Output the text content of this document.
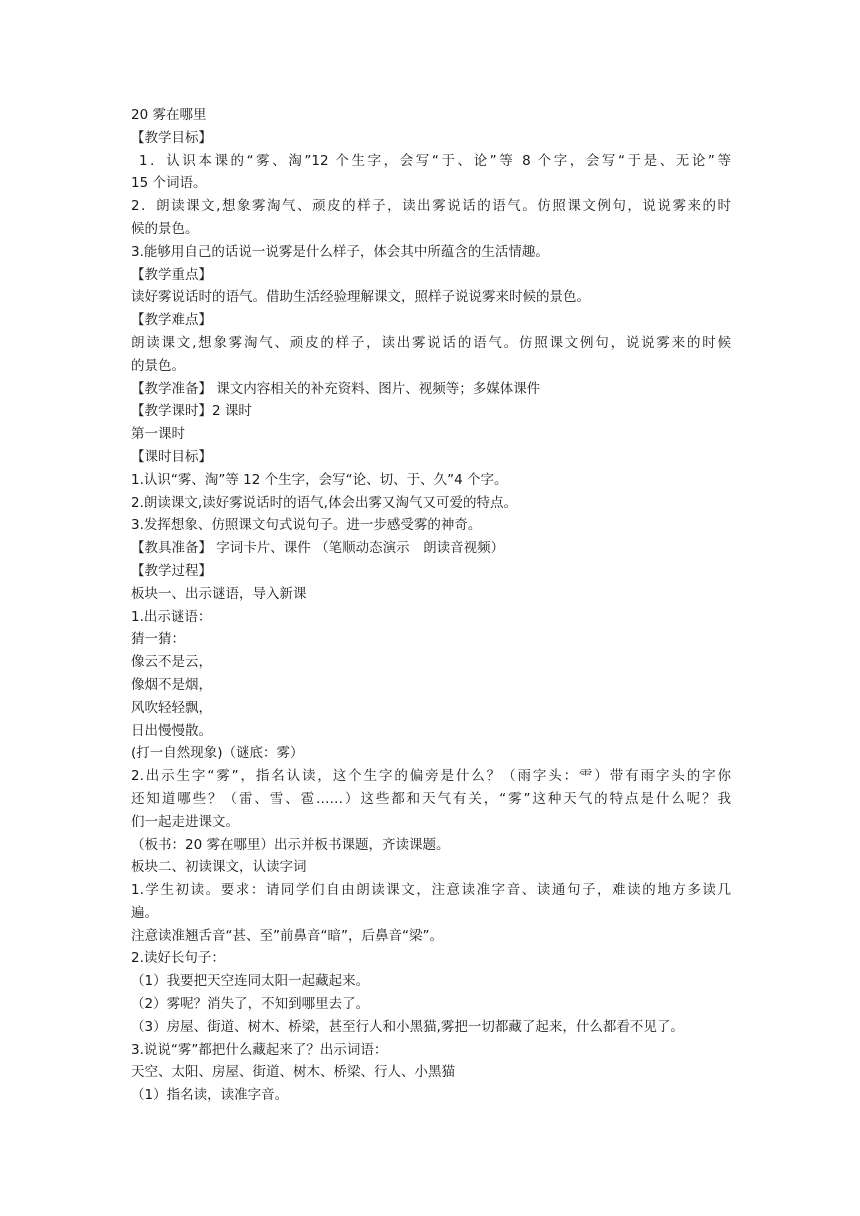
20 雾在哪里
【教学目标】
1．认识本课的“雾、淘”12 个生字，会写“于、论”等 8 个字，会写“于是、无论”等
15 个词语。
2．朗读课文,想象雾淘气、顽皮的样子，读出雾说话的语气。仿照课文例句，说说雾来的时
候的景色。
3.能够用自己的话说一说雾是什么样子，体会其中所蕴含的生活情趣。
【教学重点】
读好雾说话时的语气。借助生活经验理解课文，照样子说说雾来时候的景色。
【教学难点】
朗读课文,想象雾淘气、顽皮的样子，读出雾说话的语气。仿照课文例句，说说雾来的时候
的景色。
【教学准备】 课文内容相关的补充资料、图片、视频等；多媒体课件
【教学课时】2 课时
第一课时
【课时目标】
1.认识“雾、淘”等 12 个生字，会写“论、切、于、久”4 个字。
2.朗读课文,读好雾说话时的语气,体会出雾又淘气又可爱的特点。
3.发挥想象、仿照课文句式说句子。进一步感受雾的神奇。
【教具准备】 字词卡片、课件 （笔顺动态演示　朗读音视频）
【教学过程】
板块一、出示谜语，导入新课
1.出示谜语：
猜一猜：
像云不是云，
像烟不是烟，
风吹轻轻飘，
日出慢慢散。
(打一自然现象)（谜底：雾）
2.出示生字“雾”，指名认读，这个生字的偏旁是什么？（雨字头：⻗）带有雨字头的字你
还知道哪些？（雷、雪、雹……）这些都和天气有关，“雾”这种天气的特点是什么呢？我
们一起走进课文。
（板书：20 雾在哪里）出示并板书课题，齐读课题。
板块二、初读课文，认读字词
1.学生初读。要求：请同学们自由朗读课文，注意读准字音、读通句子，难读的地方多读几
遍。
注意读准翘舌音“甚、至”前鼻音“暗”，后鼻音“梁”。
2.读好长句子：
（1）我要把天空连同太阳一起藏起来。
（2）雾呢？消失了，不知到哪里去了。
（3）房屋、街道、树木、桥梁，甚至行人和小黑猫,雾把一切都藏了起来，什么都看不见了。
3.说说“雾”都把什么藏起来了？出示词语：
天空、太阳、房屋、街道、树木、桥梁、行人、小黑猫
（1）指名读，读准字音。
